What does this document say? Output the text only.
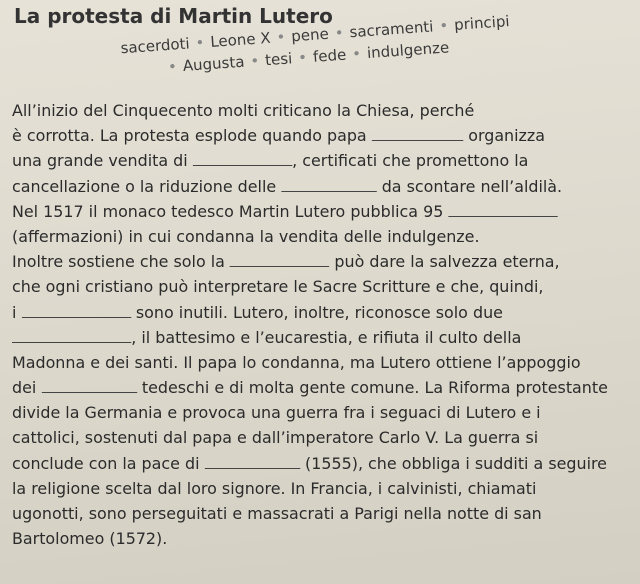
La protesta di Martin Lutero
sacerdoti • Leone X • pene • sacramenti • principi
• Augusta • tesi • fede • indulgenze
All’inizio del Cinquecento molti criticano la Chiesa, perché
è corrotta. La protesta esplode quando papa	organizza
una grande vendita di	, certificati che promettono la
cancellazione o la riduzione delle	da scontare nell’aldilà.
Nel 1517 il monaco tedesco Martin Lutero pubblica 95
(affermazioni) in cui condanna la vendita delle indulgenze.
Inoltre sostiene che solo la	può dare la salvezza eterna,
che ogni cristiano può interpretare le Sacre Scritture e che, quindi,
i	sono inutili. Lutero, inoltre, riconosce solo due
, il battesimo e l’eucarestia, e rifiuta il culto della
Madonna e dei santi. Il papa lo condanna, ma Lutero ottiene l’appoggio
dei	tedeschi e di molta gente comune. La Riforma protestante
divide la Germania e provoca una guerra fra i seguaci di Lutero e i
cattolici, sostenuti dal papa e dall’imperatore Carlo V. La guerra si
conclude con la pace di	(1555), che obbliga i sudditi a seguire
la religione scelta dal loro signore. In Francia, i calvinisti, chiamati
ugonotti, sono perseguitati e massacrati a Parigi nella notte di san
Bartolomeo (1572).
